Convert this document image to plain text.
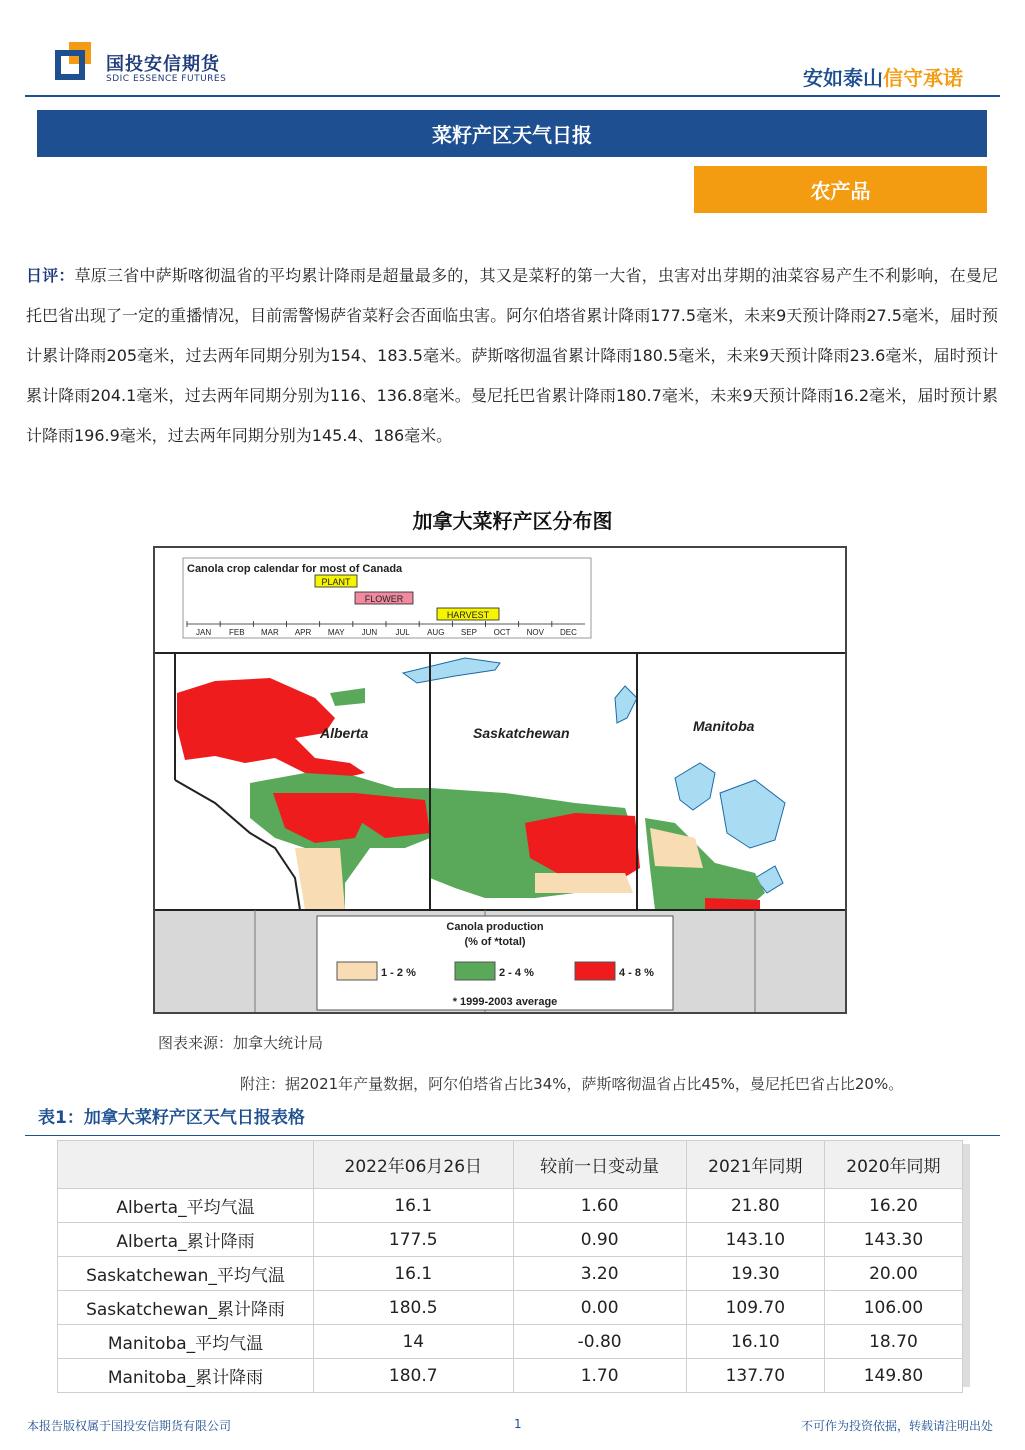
国投安信期货
SDIC ESSENCE FUTURES	安如泰山信守承诺
菜籽产区天气日报
农产品
日评：草原三省中萨斯喀彻温省的平均累计降雨是超量最多的，其又是菜籽的第一大省，虫害对出芽期的油菜容易产生不利影响，在曼尼托巴省出现了一定的重播情况，目前需警惕萨省菜籽会否面临虫害。阿尔伯塔省累计降雨177.5毫米，未来9天预计降雨27.5毫米，届时预计累计降雨205毫米，过去两年同期分别为154、183.5毫米。萨斯喀彻温省累计降雨180.5毫米，未来9天预计降雨23.6毫米，届时预计累计降雨204.1毫米，过去两年同期分别为116、136.8毫米。曼尼托巴省累计降雨180.7毫米，未来9天预计降雨16.2毫米，届时预计累计降雨196.9毫米，过去两年同期分别为145.4、186毫米。
加拿大菜籽产区分布图
Alberta	Saskatchewan	Manitoba
Canola crop calendar for most of Canada
PLANT
FLOWER
HARVEST
JAN FEB MAR APR MAY JUN JUL AUG SEP OCT NOV DEC
Canola production
(% of *total)
1 - 2 %	2 - 4 %	4 - 8 %
* 1999-2003 average
图表来源：加拿大统计局
附注：据2021年产量数据，阿尔伯塔省占比34%，萨斯喀彻温省占比45%，曼尼托巴省占比20%。
表1：加拿大菜籽产区天气日报表格
	2022年06月26日	较前一日变动量	2021年同期	2020年同期
Alberta_平均气温	16.1	1.60	21.80	16.20
Alberta_累计降雨	177.5	0.90	143.10	143.30
Saskatchewan_平均气温	16.1	3.20	19.30	20.00
Saskatchewan_累计降雨	180.5	0.00	109.70	106.00
Manitoba_平均气温	14	-0.80	16.10	18.70
Manitoba_累计降雨	180.7	1.70	137.70	149.80
本报告版权属于国投安信期货有限公司	1	不可作为投资依据，转载请注明出处
